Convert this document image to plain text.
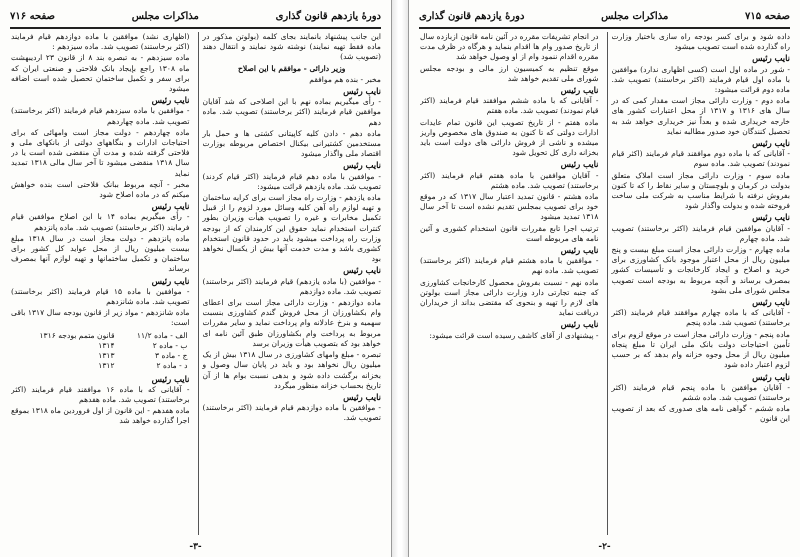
دورهٔ یازدهم قانون گذاری
مذاکرات مجلس
صفحه ۷۱۶

این جانب پیشنهاد بانمایند بجای کلمه (بولوتن مذکور در ماده فقط تهیه نمایند) نوشته شود نمایند و انتقال دهند (تصویب شد)

وزیر دارائی - موافقم با این اصلاح

مخبر - بنده هم موافقم

نایب رئیس

- رأی میگیریم بماده نهم با این اصلاحی که شد آقایان موافقین قیام فرمایند (اکثر برخاستند) تصویب شد. ماده دهم

ماده دهم - دادن کلیه کاپیتانی کشتی ها و حمل بار مستخدمین کشتیرانی بیکنال اختصاص مربوطه بوزارت اقتصاد ملی واگذار میشود

نایب رئیس

- موافقین با ماده دهم قیام فرمایند (اکثر قیام کردند) تصویب شد. ماده یازدهم قرائت میشود:

ماده یازدهم - وزارت راه مجاز است برای کرایه ساختمان و تهیه لوازم راه آهن کلیه وسائل مورد لزوم را از قبیل تکمیل مخابرات و غیره را تصویب هیأت وزیران بطور کنترات استخدام نماید حقوق این کارمندان که از بودجه وزارت راه پرداخت میشود باید در حدود قانون استخدام کشوری باشد و مدت خدمت آنها بیش از یکسال نخواهد بود

نایب رئیس

- موافقین (با ماده یازدهم) قیام فرمایند (اکثر برخاستند) تصویب شد. ماده دوازدهم

ماده دوازدهم - وزارت دارائی مجاز است برای اعطای وام بکشاورزان از محل فروش گندم کشاورزی بنسبت سهمیه و بنرخ عادلانه وام پرداخت نماید و سایر مقررات مربوط به پرداخت وام بکشاورزان طبق آئین نامه ای خواهد بود که بتصویب هیأت وزیران برسد

تبصره - مبلغ وامهای کشاورزی در سال ۱۳۱۸ بیش از یک میلیون ریال نخواهد بود و باید در پایان سال وصول و بخزانه برگشت داده شود و بدهی نسبت بوام ها از آن تاریخ بحساب خزانه منظور میگردد

نایب رئیس

- موافقین با ماده دوازدهم قیام فرمایند (اکثر برخاستند) تصویب شد.

(اظهاری نشد) موافقین با ماده دوازدهم قیام فرمایند (اکثر برخاستند) تصویب شد. ماده سیزدهم :

ماده سیزدهم - به تبصره بند ۸ از قانون ۲۳ اردیبهشت ماه ۱۳۰۸ راجع بإیجاد بانک فلاحتی و صنعتی ایران که برای سفر و تکمیل ساختمان تحصیل شده است اضافه میشود

نایب رئیس

- موافقین با ماده سیزدهم قیام فرمایند (اکثر برخاستند) تصویب شد. ماده چهاردهم

ماده چهاردهم - دولت مجاز است وامهائی که برای احتیاجات ادارات و بنگاههای دولتی از بانکهای ملی و فلاحتی گرفته شده و مدت آن منقضی شده است یا در سال ۱۳۱۸ منقضی میشود تا آخر سال مالی ۱۳۱۸ تمدید نماید

مخبر - آنچه مربوط ببانک فلاحتی است بنده خواهش میکنم که در ماده اصلاح شود

نایب رئیس

- رأی میگیریم بماده ۱۴ با این اصلاح موافقین قیام فرمایند (اکثر برخاستند) تصویب شد. ماده پانزدهم

ماده پانزدهم - دولت مجاز است در سال ۱۳۱۸ مبلغ بیست میلیون ریال از محل عواید کل کشور برای ساختمان و تکمیل ساختمانها و تهیه لوازم آنها بمصرف برساند

نایب رئیس

- موافقین با ماده ۱۵ قیام فرمایند (اکثر برخاستند) تصویب شد. ماده شانزدهم

ماده شانزدهم - مواد زیر از قانون بودجه سال ۱۳۱۷ باقی است:

الف - ماده ۱۱/۲	قانون متمم بودجه ۱۳۱۶
ب - ماده ۲	۱۳۱۴
ج - ماده ۳	۱۳۱۳
د - ماده ۲	۱۳۱۲

نایب رئیس

- آقایانی که با ماده ۱۶ موافقند قیام فرمایند (اکثر برخاستند) تصویب شد. ماده هفدهم

ماده هفدهم - این قانون از اول فروردین ماه ۱۳۱۸ بموقع اجرا گذارده خواهد شد

-۳-
صفحه ۷۱۵
مذاکرات مجلس
دورهٔ یازدهم قانون گذاری

داده شود و برای کسر بودجه راه سازی باختیار وزارت راه گذارده شده است تصویب میشود

نایب رئیس

- شور در ماده اول است (کسی اظهاری ندارد) موافقین با ماده اول قیام فرمایند (اکثر برخاستند) تصویب شد. ماده دوم قرائت میشود:

ماده دوم - وزارت دارائی مجاز است مقدار کمی که در سال های ۱۳۱۶ و ۱۳۱۷ از محل اعتبارات کشور های خارجه خریداری شده و بعداً نیز خریداری خواهد شد به تحصیل کنندگان خود صدور مطالبه نماید

نایب رئیس

- آقایانی که با ماده دوم موافقند قیام فرمایند (اکثر قیام نمودند) تصویب شد. ماده سوم

ماده سوم - وزارت دارائی مجاز است املاک متعلق بدولت در کرمان و بلوچستان و سایر نقاط را که تا کنون بفروش نرفته با شرایط مناسب به شرکت ملی ساخت فروخته شده و بدولت واگذار شود

نایب رئیس

- آقایان موافقین قیام فرمایند (اکثر برخاستند) تصویب شد. ماده چهارم

ماده چهارم - وزارت دارائی مجاز است مبلغ بیست و پنج میلیون ریال از محل اعتبار موجود بانک کشاورزی برای خرید و اصلاح و ایجاد کارخانجات و تأسیسات کشور بمصرف برساند و آنچه مربوط به بودجه است تصویب مجلس شورای ملی بشود

نایب رئیس

- آقایانی که با ماده چهارم موافقند قیام فرمایند (اکثر برخاستند) تصویب شد. ماده پنجم

ماده پنجم - وزارت دارائی مجاز است در موقع لزوم برای تأمین احتیاجات دولت بانک ملی ایران تا مبلغ پنجاه میلیون ریال از محل وجوه خزانه وام بدهد که بر حسب لزوم اعتبار داده شود

نایب رئیس

- آقایان موافقین با ماده پنجم قیام فرمایند (اکثر برخاستند) تصویب شد. ماده ششم

ماده ششم - گواهی نامه های صدوری که بعد از تصویب این قانون

در انجام تشریفات مقرره در آئین نامه قانون ازبازده سال از تاریخ صدور وام ها اقدام بنماید و هرگاه در ظرف مدت مقرره اقدام ننمود وام از او وصول خواهد شد

موقع تنظیم به کمیسیون ارز مالی و بودجه مجلس شورای ملی تقدیم خواهد شد

نایب رئیس

- آقایانی که با ماده ششم موافقند قیام فرمایند (اکثر قیام نمودند) تصویب شد. ماده هفتم

ماده هفتم - از تاریخ تصویب این قانون تمام عایدات ادارات دولتی که تا کنون به صندوق های مخصوص واریز میشده و ناشی از فروش دارائی های دولت است باید بخزانه داری کل تحویل شود

نایب رئیس

- آقایان موافقین با ماده هفتم قیام فرمایند (اکثر برخاستند) تصویب شد. ماده هشتم

ماده هشتم - قانون تمدید اعتبار سال ۱۳۱۷ که در موقع خود برای تصویب بمجلس تقدیم نشده است تا آخر سال ۱۳۱۸ تمدید میشود

ترتیب اجرا تابع مقررات قانون استخدام کشوری و آئین نامه های مربوطه است

نایب رئیس

- موافقین با ماده هشتم قیام فرمایند (اکثر برخاستند) تصویب شد. ماده نهم

ماده نهم - نسبت بفروش محصول کارخانجات کشاورزی که جنبه تجارتی دارد وزارت دارائی مجاز است بولوتن های لازم را تهیه و بنحوی که مقتضی بداند از خریداران دریافت نماید

نایب رئیس

- پیشنهادی از آقای کاشف رسیده است قرائت میشود:

-۲-
